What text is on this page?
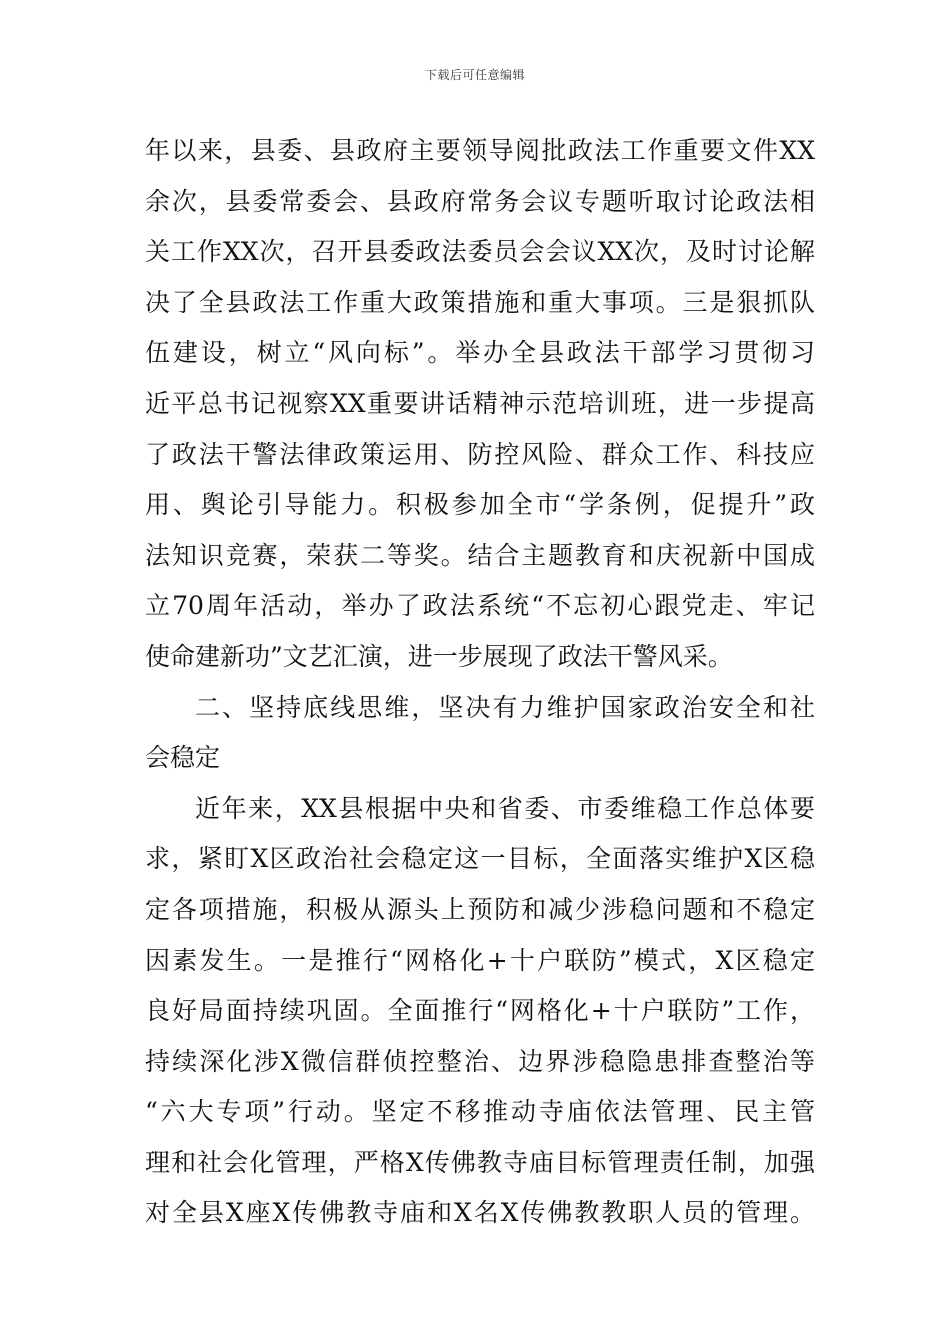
下载后可任意编辑
年以来，县委、县政府主要领导阅批政法工作重要文件XX
余次，县委常委会、县政府常务会议专题听取讨论政法相
关工作XX次，召开县委政法委员会会议XX次，及时讨论解
决了全县政法工作重大政策措施和重大事项。三是狠抓队
伍建设，树立“风向标”。举办全县政法干部学习贯彻习
近平总书记视察XX重要讲话精神示范培训班，进一步提高
了政法干警法律政策运用、防控风险、群众工作、科技应
用、舆论引导能力。积极参加全市“学条例，促提升”政
法知识竞赛，荣获二等奖。结合主题教育和庆祝新中国成
立70周年活动，举办了政法系统“不忘初心跟党走、牢记
使命建新功”文艺汇演，进一步展现了政法干警风采。
二、坚持底线思维，坚决有力维护国家政治安全和社
会稳定
近年来，XX县根据中央和省委、市委维稳工作总体要
求，紧盯X区政治社会稳定这一目标，全面落实维护X区稳
定各项措施，积极从源头上预防和减少涉稳问题和不稳定
因素发生。一是推行“网格化+十户联防”模式，X区稳定
良好局面持续巩固。全面推行“网格化+十户联防”工作，
持续深化涉X微信群侦控整治、边界涉稳隐患排查整治等
“六大专项”行动。坚定不移推动寺庙依法管理、民主管
理和社会化管理，严格X传佛教寺庙目标管理责任制，加强
对全县X座X传佛教寺庙和X名X传佛教教职人员的管理。
